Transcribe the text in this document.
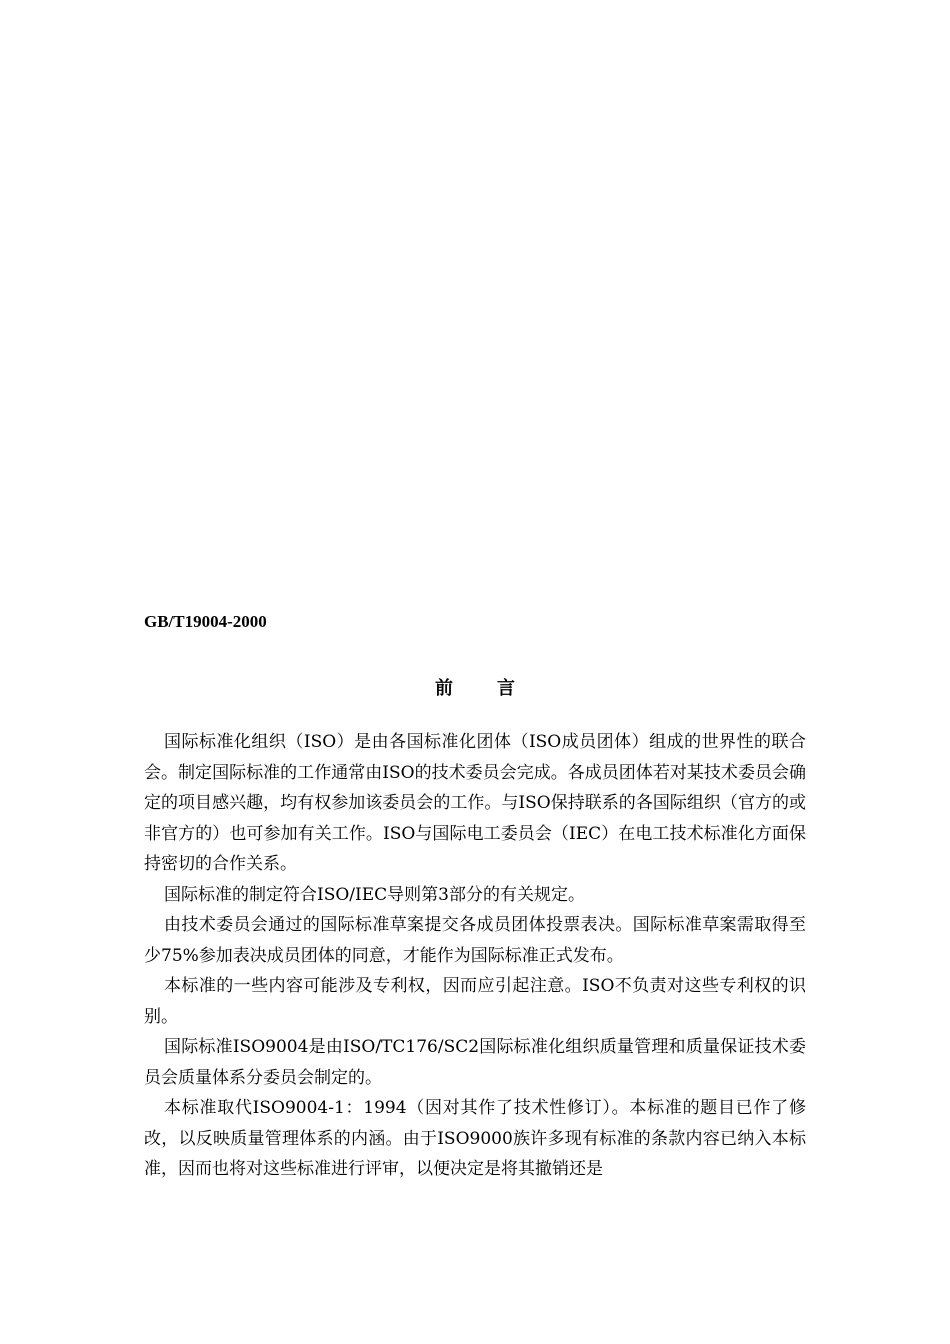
GB/T19004-2000

前言

国际标准化组织（ISO）是由各国标准化团体（ISO成员团体）组成的世界性的联合会。制定国际标准的工作通常由ISO的技术委员会完成。各成员团体若对某技术委员会确定的项目感兴趣，均有权参加该委员会的工作。与ISO保持联系的各国际组织（官方的或非官方的）也可参加有关工作。ISO与国际电工委员会（IEC）在电工技术标准化方面保持密切的合作关系。

国际标准的制定符合ISO/IEC导则第3部分的有关规定。

由技术委员会通过的国际标准草案提交各成员团体投票表决。国际标准草案需取得至少75%参加表决成员团体的同意，才能作为国际标准正式发布。

本标准的一些内容可能涉及专利权，因而应引起注意。ISO不负责对这些专利权的识别。

国际标准ISO9004是由ISO/TC176/SC2国际标准化组织质量管理和质量保证技术委员会质量体系分委员会制定的。

本标准取代ISO9004-1：1994（因对其作了技术性修订）。本标准的题目已作了修改，以反映质量管理体系的内涵。由于ISO9000族许多现有标准的条款内容已纳入本标准，因而也将对这些标准进行评审，以便决定是将其撤销还是
